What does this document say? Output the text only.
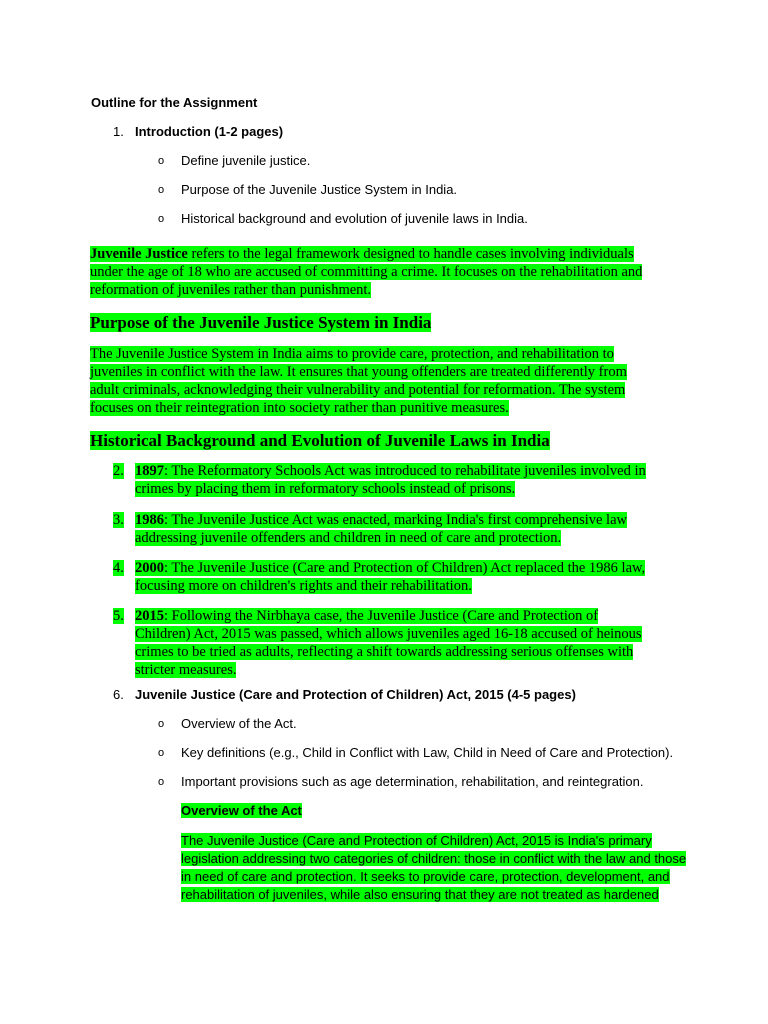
Outline for the Assignment
1. Introduction (1-2 pages)
o Define juvenile justice.
o Purpose of the Juvenile Justice System in India.
o Historical background and evolution of juvenile laws in India.
Juvenile Justice refers to the legal framework designed to handle cases involving individuals
under the age of 18 who are accused of committing a crime. It focuses on the rehabilitation and
reformation of juveniles rather than punishment.
Purpose of the Juvenile Justice System in India
The Juvenile Justice System in India aims to provide care, protection, and rehabilitation to
juveniles in conflict with the law. It ensures that young offenders are treated differently from
adult criminals, acknowledging their vulnerability and potential for reformation. The system
focuses on their reintegration into society rather than punitive measures.
Historical Background and Evolution of Juvenile Laws in India
2. 1897: The Reformatory Schools Act was introduced to rehabilitate juveniles involved in
crimes by placing them in reformatory schools instead of prisons.
3. 1986: The Juvenile Justice Act was enacted, marking India's first comprehensive law
addressing juvenile offenders and children in need of care and protection.
4. 2000: The Juvenile Justice (Care and Protection of Children) Act replaced the 1986 law,
focusing more on children's rights and their rehabilitation.
5. 2015: Following the Nirbhaya case, the Juvenile Justice (Care and Protection of
Children) Act, 2015 was passed, which allows juveniles aged 16-18 accused of heinous
crimes to be tried as adults, reflecting a shift towards addressing serious offenses with
stricter measures.
6. Juvenile Justice (Care and Protection of Children) Act, 2015 (4-5 pages)
o Overview of the Act.
o Key definitions (e.g., Child in Conflict with Law, Child in Need of Care and Protection).
o Important provisions such as age determination, rehabilitation, and reintegration.
Overview of the Act
The Juvenile Justice (Care and Protection of Children) Act, 2015 is India's primary
legislation addressing two categories of children: those in conflict with the law and those
in need of care and protection. It seeks to provide care, protection, development, and
rehabilitation of juveniles, while also ensuring that they are not treated as hardened
